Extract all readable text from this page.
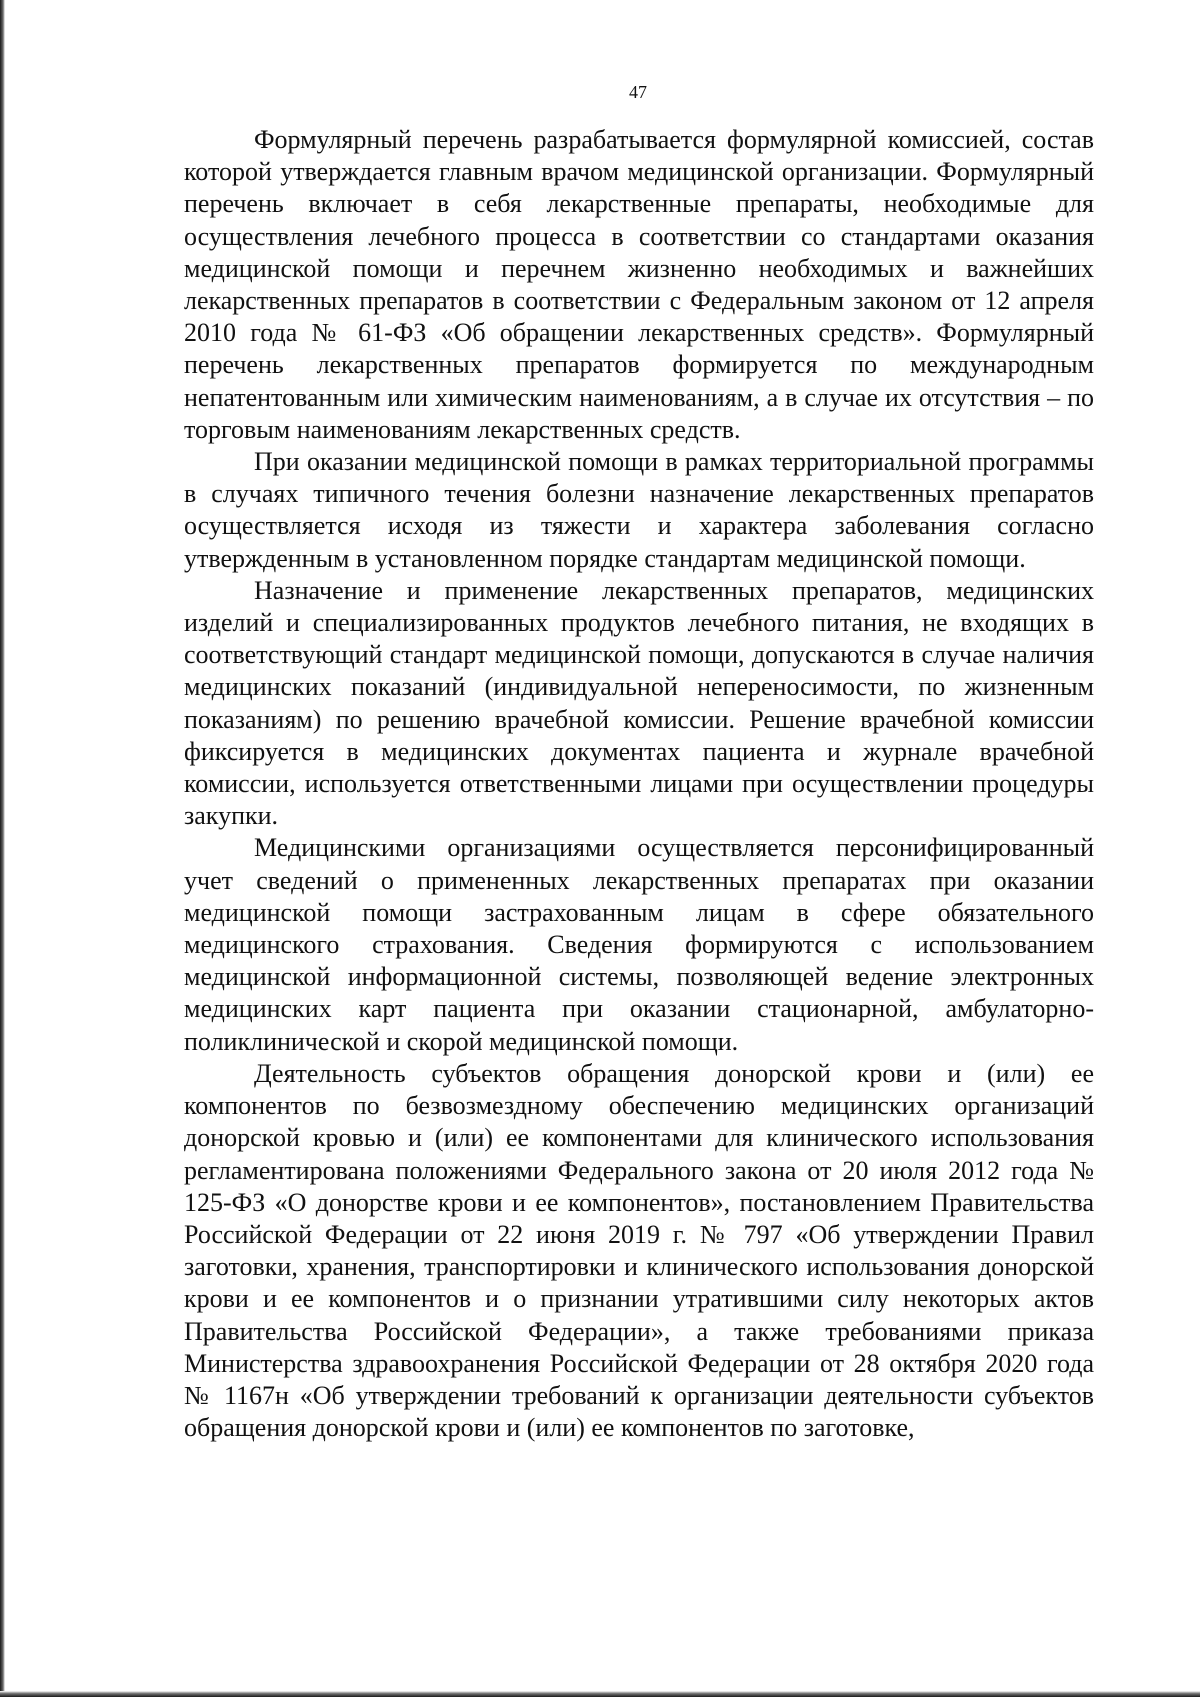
47

Формулярный перечень разрабатывается формулярной комиссией, состав которой утверждается главным врачом медицинской организации. Формулярный перечень включает в себя лекарственные препараты, необходимые для осуществления лечебного процесса в соответствии со стандартами оказания медицинской помощи и перечнем жизненно необходимых и важнейших лекарственных препаратов в соответствии с Федеральным законом от 12 апреля 2010 года № 61-ФЗ «Об обращении лекарственных средств». Формулярный перечень лекарственных препаратов формируется по международным непатентованным или химическим наименованиям, а в случае их отсутствия – по торговым наименованиям лекарственных средств.

При оказании медицинской помощи в рамках территориальной программы в случаях типичного течения болезни назначение лекарственных препаратов осуществляется исходя из тяжести и характера заболевания согласно утвержденным в установленном порядке стандартам медицинской помощи.

Назначение и применение лекарственных препаратов, медицинских изделий и специализированных продуктов лечебного питания, не входящих в соответствующий стандарт медицинской помощи, допускаются в случае наличия медицинских показаний (индивидуальной непереносимости, по жизненным показаниям) по решению врачебной комиссии. Решение врачебной комиссии фиксируется в медицинских документах пациента и журнале врачебной комиссии, используется ответственными лицами при осуществлении процедуры закупки.

Медицинскими организациями осуществляется персонифицированный учет сведений о примененных лекарственных препаратах при оказании медицинской помощи застрахованным лицам в сфере обязательного медицинского страхования. Сведения формируются с использованием медицинской информационной системы, позволяющей ведение электронных медицинских карт пациента при оказании стационарной, амбулаторно-поликлинической и скорой медицинской помощи.

Деятельность субъектов обращения донорской крови и (или) ее компонентов по безвозмездному обеспечению медицинских организаций донорской кровью и (или) ее компонентами для клинического использования регламентирована положениями Федерального закона от 20 июля 2012 года № 125-ФЗ «О донорстве крови и ее компонентов», постановлением Правительства Российской Федерации от 22 июня 2019 г. № 797 «Об утверждении Правил заготовки, хранения, транспортировки и клинического использования донорской крови и ее компонентов и о признании утратившими силу некоторых актов Правительства Российской Федерации», а также требованиями приказа Министерства здравоохранения Российской Федерации от 28 октября 2020 года № 1167н «Об утверждении требований к организации деятельности субъектов обращения донорской крови и (или) ее компонентов по заготовке,
